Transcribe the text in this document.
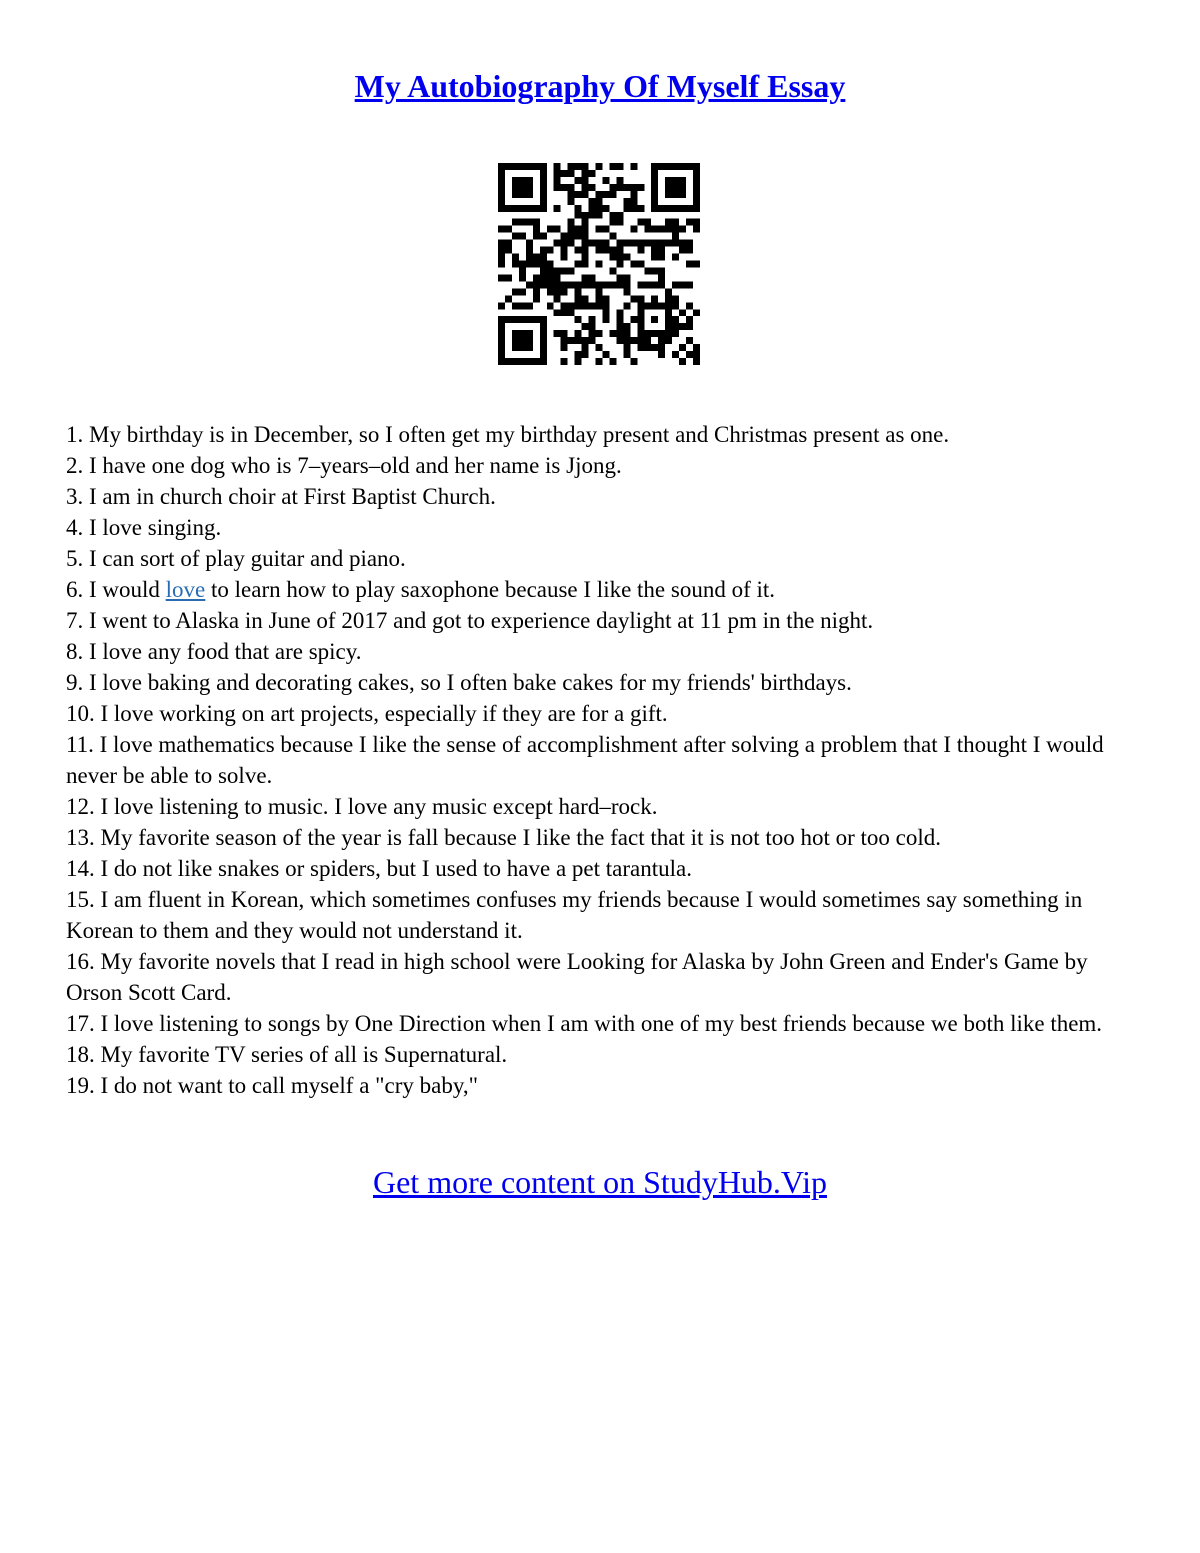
My Autobiography Of Myself Essay
1. My birthday is in December, so I often get my birthday present and Christmas present as one.
2. I have one dog who is 7–years–old and her name is Jjong.
3. I am in church choir at First Baptist Church.
4. I love singing.
5. I can sort of play guitar and piano.
6. I would love to learn how to play saxophone because I like the sound of it.
7. I went to Alaska in June of 2017 and got to experience daylight at 11 pm in the night.
8. I love any food that are spicy.
9. I love baking and decorating cakes, so I often bake cakes for my friends' birthdays.
10. I love working on art projects, especially if they are for a gift.
11. I love mathematics because I like the sense of accomplishment after solving a problem that I thought I would never be able to solve.
12. I love listening to music. I love any music except hard–rock.
13. My favorite season of the year is fall because I like the fact that it is not too hot or too cold.
14. I do not like snakes or spiders, but I used to have a pet tarantula.
15. I am fluent in Korean, which sometimes confuses my friends because I would sometimes say something in Korean to them and they would not understand it.
16. My favorite novels that I read in high school were Looking for Alaska by John Green and Ender's Game by Orson Scott Card.
17. I love listening to songs by One Direction when I am with one of my best friends because we both like them.
18. My favorite TV series of all is Supernatural.
19. I do not want to call myself a "cry baby,"
Get more content on StudyHub.Vip
